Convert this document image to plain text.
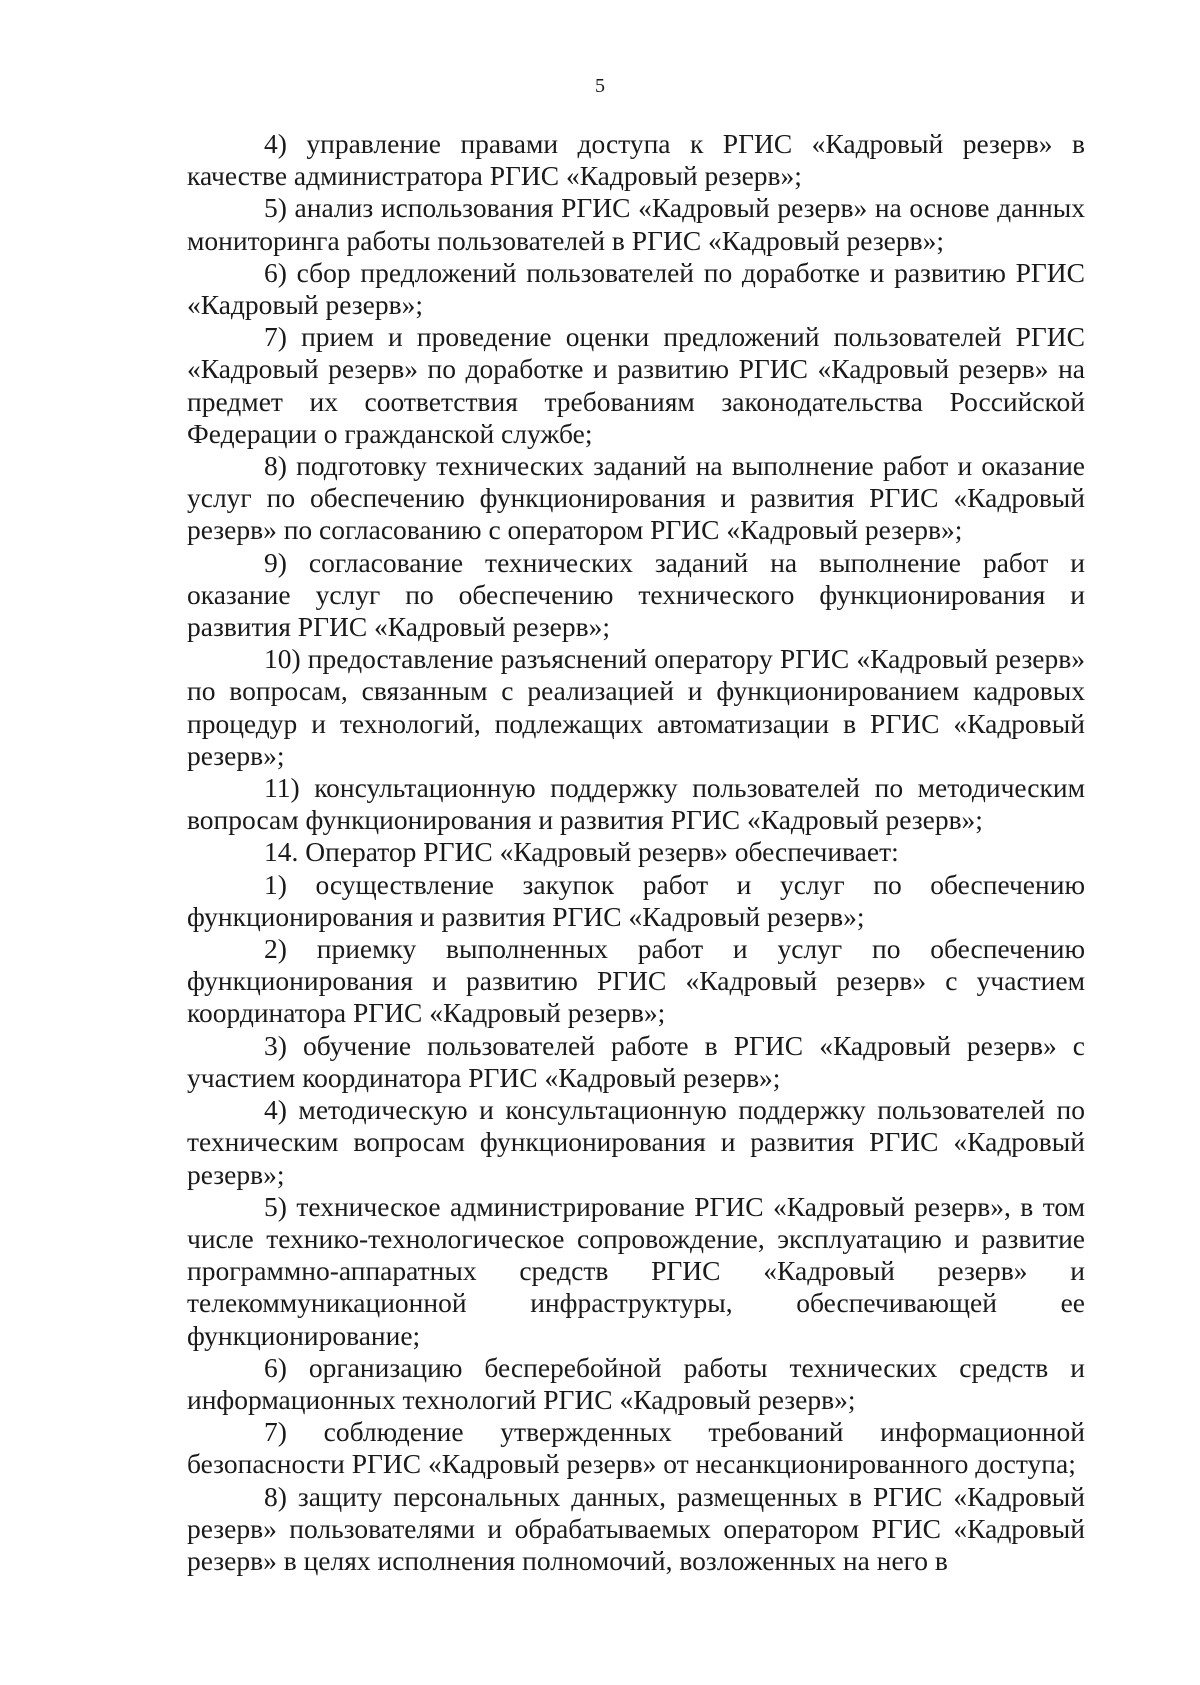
5

4) управление правами доступа к РГИС «Кадровый резерв» в качестве администратора РГИС «Кадровый резерв»;

5) анализ использования РГИС «Кадровый резерв» на основе данных мониторинга работы пользователей в РГИС «Кадровый резерв»;

6) сбор предложений пользователей по доработке и развитию РГИС «Кадровый резерв»;

7) прием и проведение оценки предложений пользователей РГИС «Кадровый резерв» по доработке и развитию РГИС «Кадровый резерв» на предмет их соответствия требованиям законодательства Российской Федерации о гражданской службе;

8) подготовку технических заданий на выполнение работ и оказание услуг по обеспечению функционирования и развития РГИС «Кадровый резерв» по согласованию с оператором РГИС «Кадровый резерв»;

9) согласование технических заданий на выполнение работ и оказание услуг по обеспечению технического функционирования и развития РГИС «Кадровый резерв»;

10) предоставление разъяснений оператору РГИС «Кадровый резерв» по вопросам, связанным с реализацией и функционированием кадровых процедур и технологий, подлежащих автоматизации в РГИС «Кадровый резерв»;

11) консультационную поддержку пользователей по методическим вопросам функционирования и развития РГИС «Кадровый резерв»;

14. Оператор РГИС «Кадровый резерв» обеспечивает:

1) осуществление закупок работ и услуг по обеспечению функционирования и развития РГИС «Кадровый резерв»;

2) приемку выполненных работ и услуг по обеспечению функционирования и развитию РГИС «Кадровый резерв» с участием координатора РГИС «Кадровый резерв»;

3) обучение пользователей работе в РГИС «Кадровый резерв» с участием координатора РГИС «Кадровый резерв»;

4) методическую и консультационную поддержку пользователей по техническим вопросам функционирования и развития РГИС «Кадровый резерв»;

5) техническое администрирование РГИС «Кадровый резерв», в том числе технико-технологическое сопровождение, эксплуатацию и развитие программно-аппаратных средств РГИС «Кадровый резерв» и телекоммуникационной инфраструктуры, обеспечивающей ее функционирование;

6) организацию бесперебойной работы технических средств и информационных технологий РГИС «Кадровый резерв»;

7) соблюдение утвержденных требований информационной безопасности РГИС «Кадровый резерв» от несанкционированного доступа;

8) защиту персональных данных, размещенных в РГИС «Кадровый резерв» пользователями и обрабатываемых оператором РГИС «Кадровый резерв» в целях исполнения полномочий, возложенных на него в
